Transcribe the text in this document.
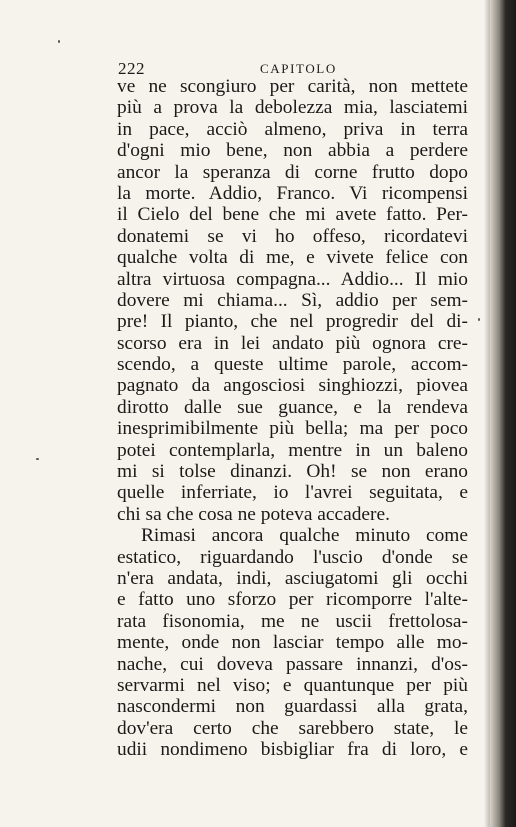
222	CAPITOLO
ve ne scongiuro per carità, non mettete
più a prova la debolezza mia, lasciatemi
in pace, acciò almeno, priva in terra
d'ogni mio bene, non abbia a perdere
ancor la speranza di corne frutto dopo
la morte. Addio, Franco. Vi ricompensi
il Cielo del bene che mi avete fatto. Per-
donatemi se vi ho offeso, ricordatevi
qualche volta di me, e vivete felice con
altra virtuosa compagna... Addio... Il mio
dovere mi chiama... Sì, addio per sem-
pre! Il pianto, che nel progredir del di-
scorso era in lei andato più ognora cre-
scendo, a queste ultime parole, accom-
pagnato da angosciosi singhiozzi, piovea
dirotto dalle sue guance, e la rendeva
inesprimibilmente più bella; ma per poco
potei contemplarla, mentre in un baleno
mi si tolse dinanzi. Oh! se non erano
quelle inferriate, io l'avrei seguitata, e
chi sa che cosa ne poteva accadere.
Rimasi ancora qualche minuto come
estatico, riguardando l'uscio d'onde se
n'era andata, indi, asciugatomi gli occhi
e fatto uno sforzo per ricomporre l'alte-
rata fisonomia, me ne uscii frettolosa-
mente, onde non lasciar tempo alle mo-
nache, cui doveva passare innanzi, d'os-
servarmi nel viso; e quantunque per più
nascondermi non guardassi alla grata,
dov'era certo che sarebbero state, le
udii nondimeno bisbigliar fra di loro, e
